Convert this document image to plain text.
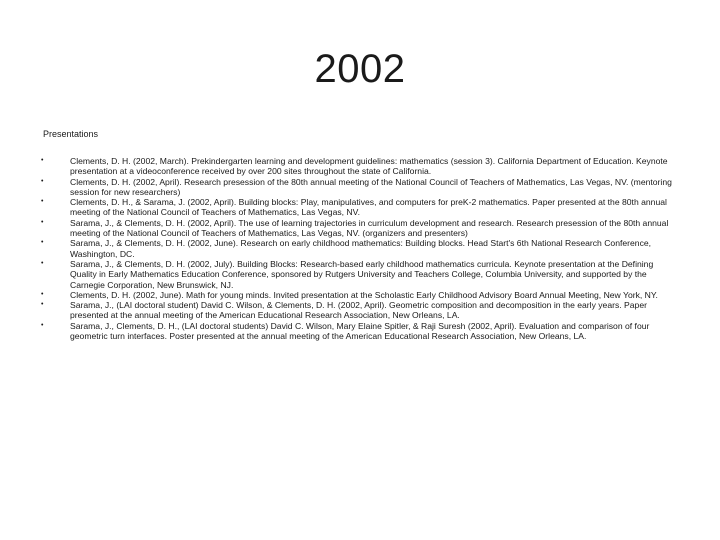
2002
Presentations
•	Clements, D. H. (2002, March). Prekindergarten learning and development guidelines: mathematics (session 3). California Department of Education. Keynote presentation at a videoconference received by over 200 sites throughout the state of California.
•	Clements, D. H. (2002, April). Research presession of the 80th annual meeting of the National Council of Teachers of Mathematics, Las Vegas, NV. (mentoring session for new researchers)
•	Clements, D. H., & Sarama, J. (2002, April). Building blocks: Play, manipulatives, and computers for preK-2 mathematics. Paper presented at the 80th annual meeting of the National Council of Teachers of Mathematics, Las Vegas, NV.
•	Sarama, J., & Clements, D. H. (2002, April). The use of learning trajectories in curriculum development and research. Research presession of the 80th annual meeting of the National Council of Teachers of Mathematics, Las Vegas, NV. (organizers and presenters)
•	Sarama, J., & Clements, D. H. (2002, June). Research on early childhood mathematics: Building blocks. Head Start's 6th National Research Conference, Washington, DC.
•	Sarama, J., & Clements, D. H. (2002, July). Building Blocks: Research-based early childhood mathematics curricula. Keynote presentation at the Defining Quality in Early Mathematics Education Conference, sponsored by Rutgers University and Teachers College, Columbia University, and supported by the Carnegie Corporation, New Brunswick, NJ.
•	Clements, D. H. (2002, June). Math for young minds. Invited presentation at the Scholastic Early Childhood Advisory Board Annual Meeting, New York, NY.
•	Sarama, J., (LAI doctoral student) David C. Wilson, & Clements, D. H. (2002, April). Geometric composition and decomposition in the early years. Paper presented at the annual meeting of the American Educational Research Association, New Orleans, LA.
•	Sarama, J., Clements, D. H., (LAI doctoral students) David C. Wilson, Mary Elaine Spitler, & Raji Suresh (2002, April). Evaluation and comparison of four geometric turn interfaces. Poster presented at the annual meeting of the American Educational Research Association, New Orleans, LA.
